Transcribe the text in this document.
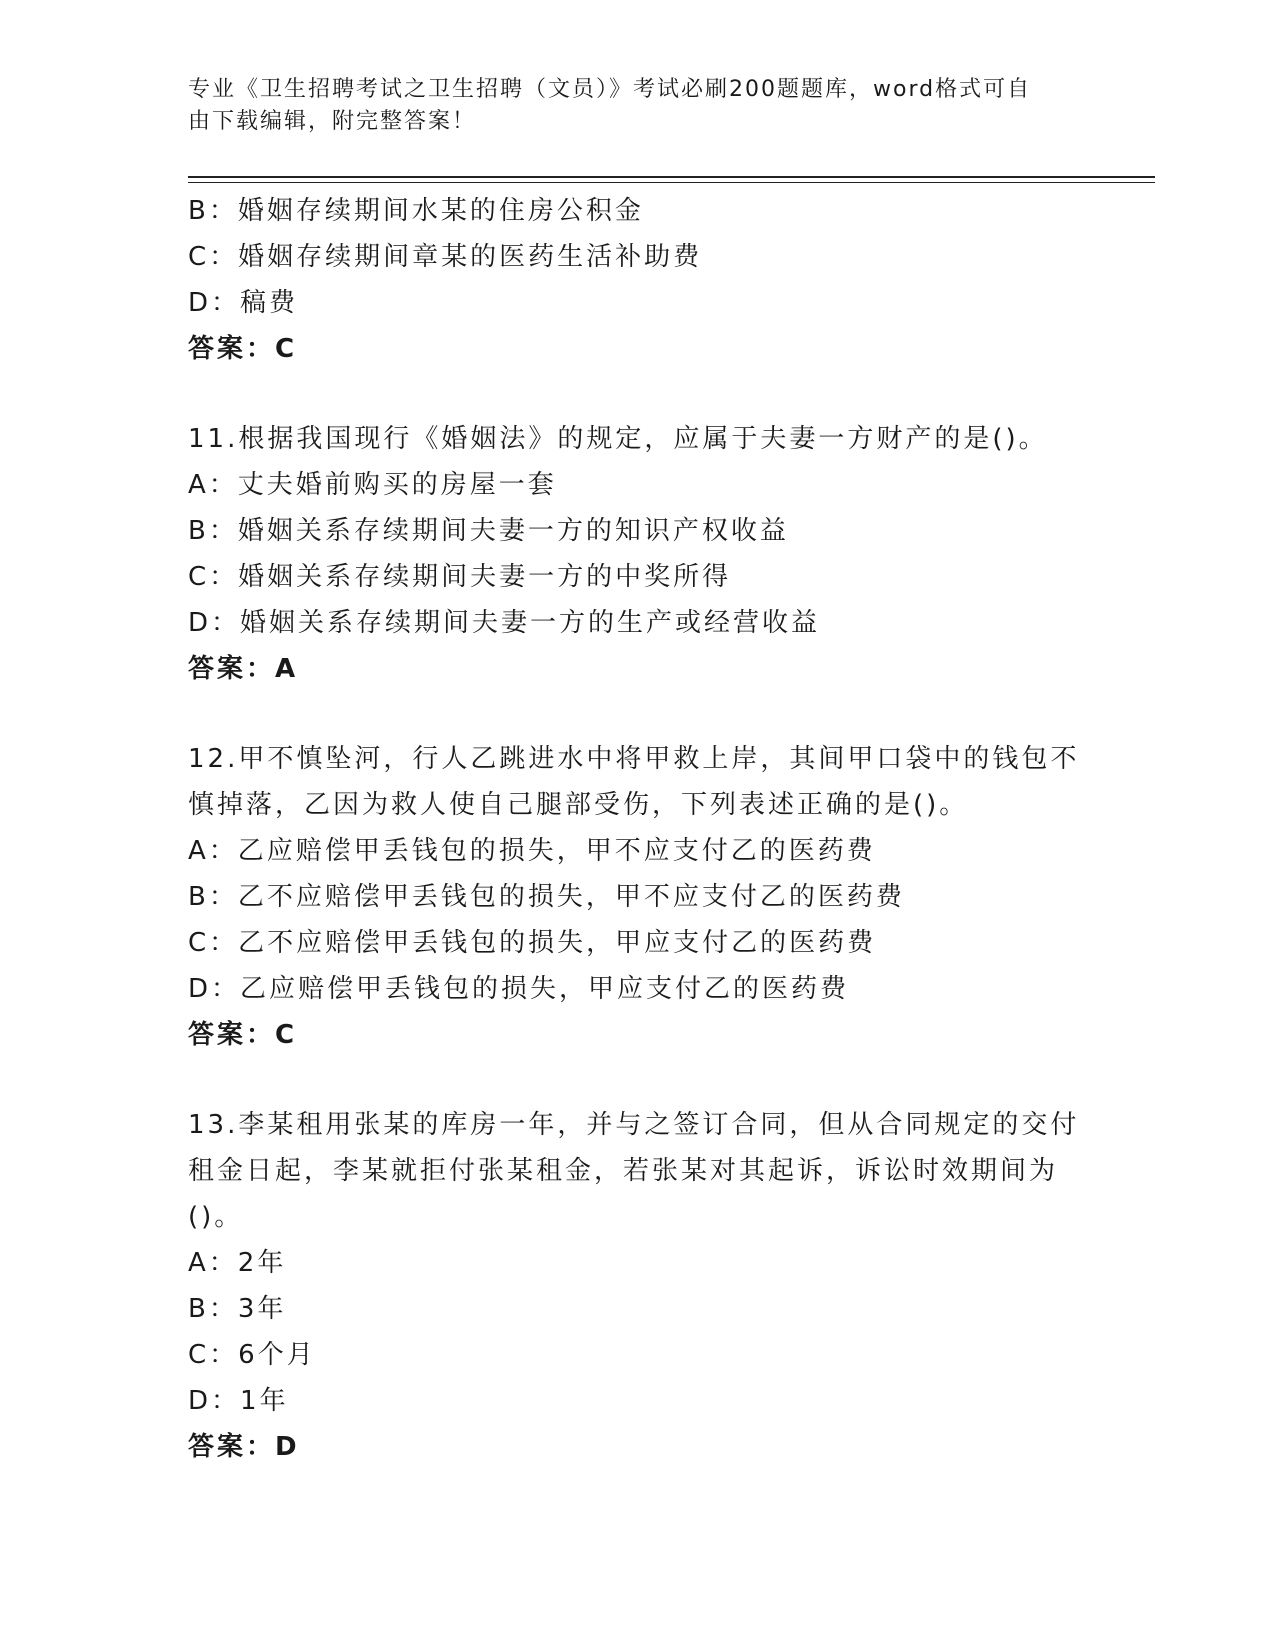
专业《卫生招聘考试之卫生招聘（文员）》考试必刷200题题库，word格式可自
由下载编辑，附完整答案！
B：婚姻存续期间水某的住房公积金
C：婚姻存续期间章某的医药生活补助费
D：稿费
答案：C
11.根据我国现行《婚姻法》的规定，应属于夫妻一方财产的是()。
A：丈夫婚前购买的房屋一套
B：婚姻关系存续期间夫妻一方的知识产权收益
C：婚姻关系存续期间夫妻一方的中奖所得
D：婚姻关系存续期间夫妻一方的生产或经营收益
答案：A
12.甲不慎坠河，行人乙跳进水中将甲救上岸，其间甲口袋中的钱包不
慎掉落，乙因为救人使自己腿部受伤，下列表述正确的是()。
A：乙应赔偿甲丢钱包的损失，甲不应支付乙的医药费
B：乙不应赔偿甲丢钱包的损失，甲不应支付乙的医药费
C：乙不应赔偿甲丢钱包的损失，甲应支付乙的医药费
D：乙应赔偿甲丢钱包的损失，甲应支付乙的医药费
答案：C
13.李某租用张某的库房一年，并与之签订合同，但从合同规定的交付
租金日起，李某就拒付张某租金，若张某对其起诉，诉讼时效期间为
()。
A：2年
B：3年
C：6个月
D：1年
答案：D
